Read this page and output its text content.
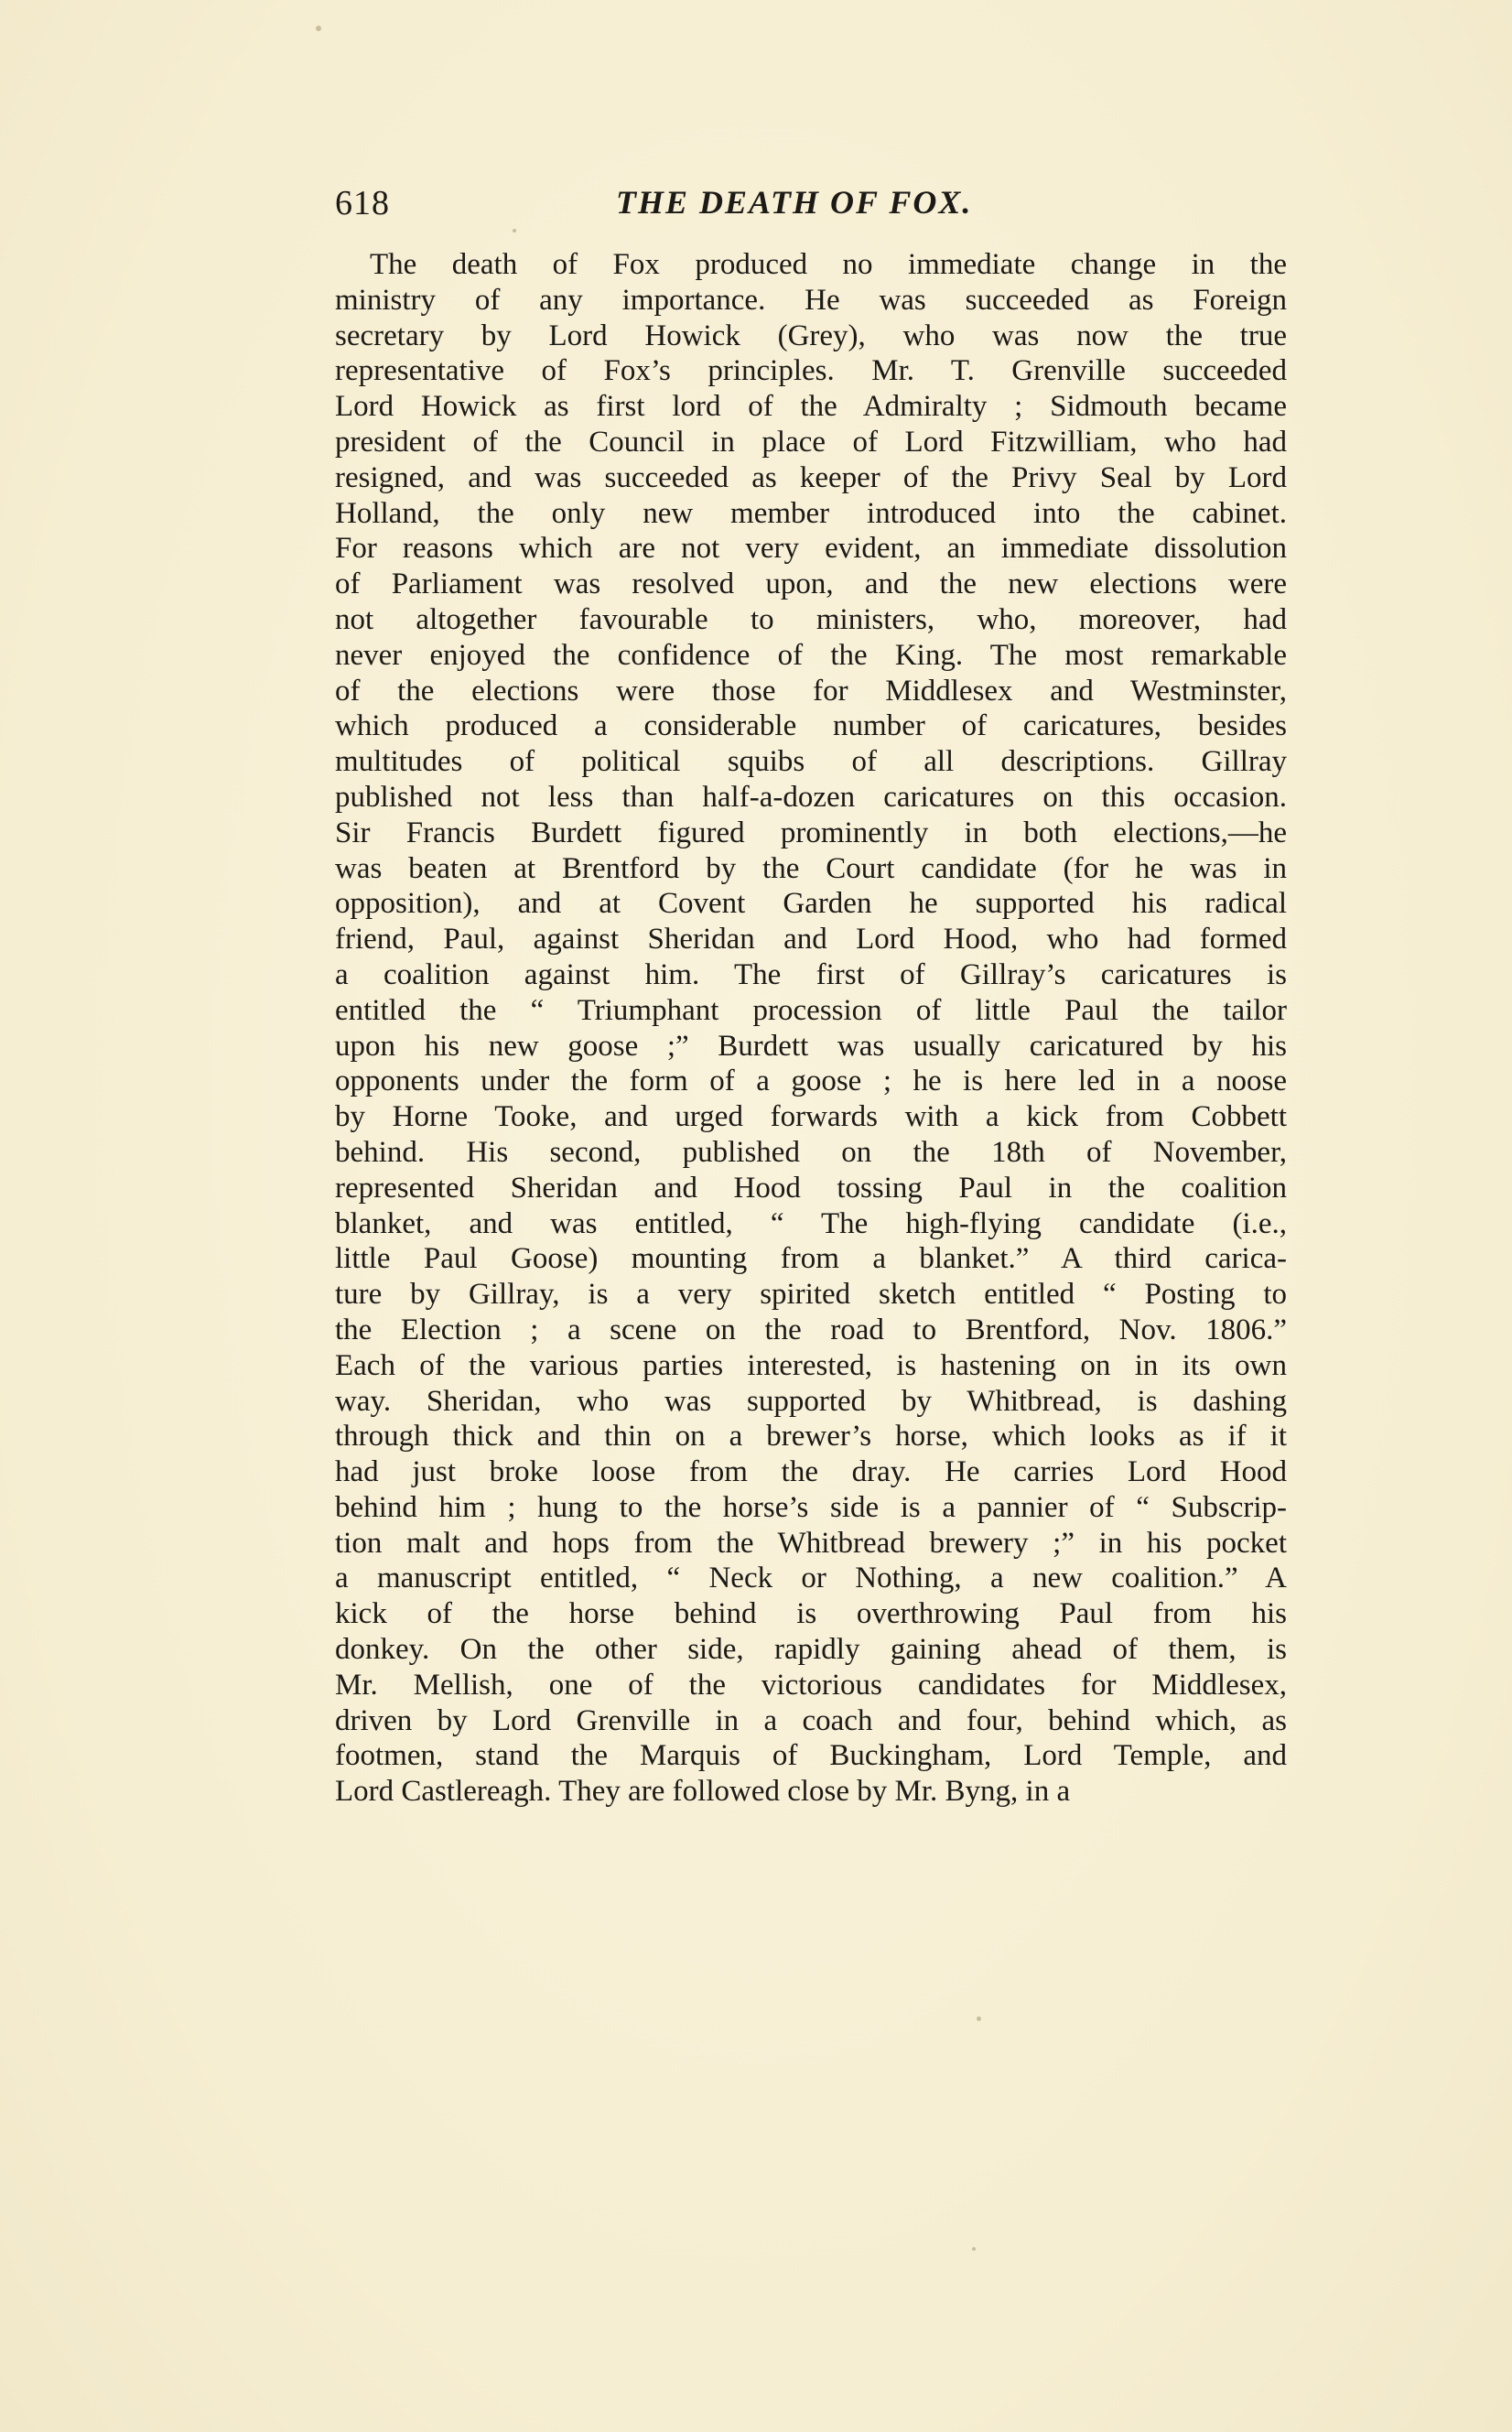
618	THE DEATH OF FOX.
The death of Fox produced no immediate change in the
ministry of any importance. He was succeeded as Foreign
secretary by Lord Howick (Grey), who was now the true
representative of Fox’s principles. Mr. T. Grenville succeeded
Lord Howick as first lord of the Admiralty ; Sidmouth became
president of the Council in place of Lord Fitzwilliam, who had
resigned, and was succeeded as keeper of the Privy Seal by Lord
Holland, the only new member introduced into the cabinet.
For reasons which are not very evident, an immediate dissolution
of Parliament was resolved upon, and the new elections were
not altogether favourable to ministers, who, moreover, had
never enjoyed the confidence of the King. The most remarkable
of the elections were those for Middlesex and Westminster,
which produced a considerable number of caricatures, besides
multitudes of political squibs of all descriptions. Gillray
published not less than half-a-dozen caricatures on this occasion.
Sir Francis Burdett figured prominently in both elections,—he
was beaten at Brentford by the Court candidate (for he was in
opposition), and at Covent Garden he supported his radical
friend, Paul, against Sheridan and Lord Hood, who had formed
a coalition against him. The first of Gillray’s caricatures is
entitled the “ Triumphant procession of little Paul the tailor
upon his new goose ;” Burdett was usually caricatured by his
opponents under the form of a goose ; he is here led in a noose
by Horne Tooke, and urged forwards with a kick from Cobbett
behind. His second, published on the 18th of November,
represented Sheridan and Hood tossing Paul in the coalition
blanket, and was entitled, “ The high-flying candidate (i.e.,
little Paul Goose) mounting from a blanket.” A third carica-
ture by Gillray, is a very spirited sketch entitled “ Posting to
the Election ; a scene on the road to Brentford, Nov. 1806.”
Each of the various parties interested, is hastening on in its own
way. Sheridan, who was supported by Whitbread, is dashing
through thick and thin on a brewer’s horse, which looks as if it
had just broke loose from the dray. He carries Lord Hood
behind him ; hung to the horse’s side is a pannier of “ Subscrip-
tion malt and hops from the Whitbread brewery ;” in his pocket
a manuscript entitled, “ Neck or Nothing, a new coalition.” A
kick of the horse behind is overthrowing Paul from his
donkey. On the other side, rapidly gaining ahead of them, is
Mr. Mellish, one of the victorious candidates for Middlesex,
driven by Lord Grenville in a coach and four, behind which, as
footmen, stand the Marquis of Buckingham, Lord Temple, and
Lord Castlereagh. They are followed close by Mr. Byng, in a
